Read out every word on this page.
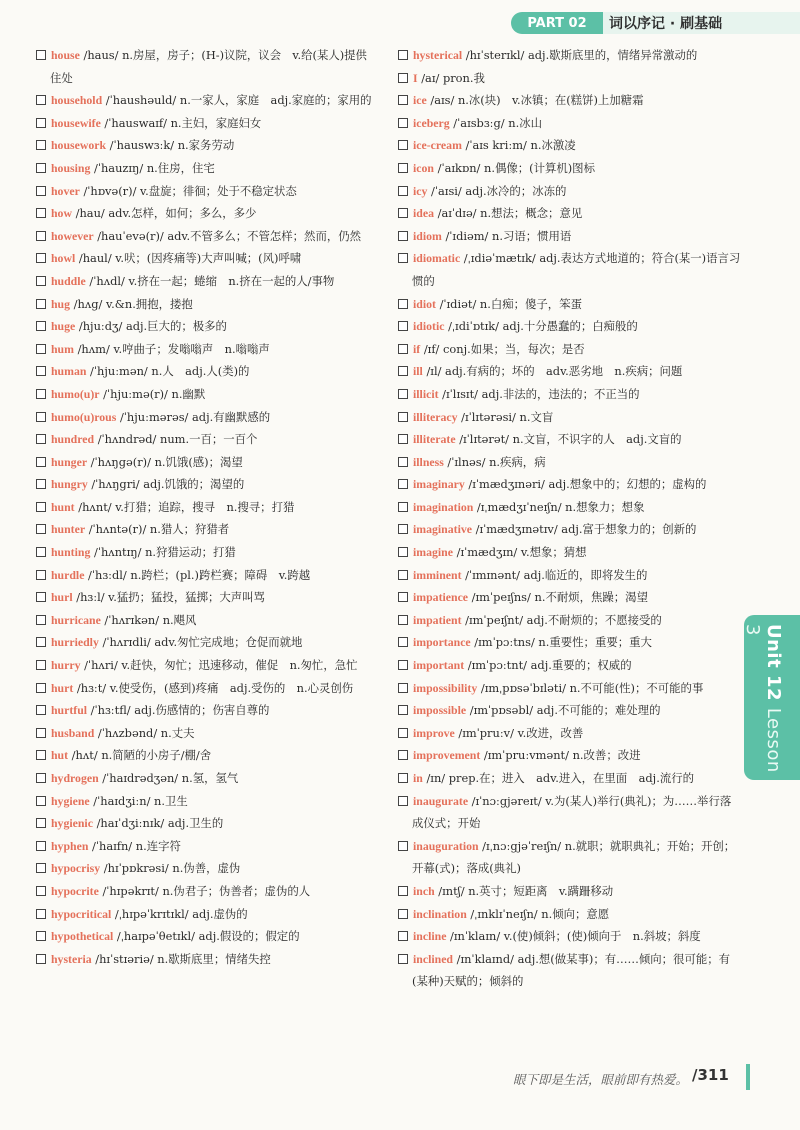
PART 02	词以序记 · 刷基础

house /haus/ n.房屋，房子；(H-)议院，议会　v.给(某人)提供住处

household /ˈhaushəuld/ n.一家人，家庭　adj.家庭的；家用的

housewife /ˈhauswaɪf/ n.主妇，家庭妇女

housework /ˈhauswɜːk/ n.家务劳动

housing /ˈhauzɪŋ/ n.住房，住宅

hover /ˈhɒvə(r)/ v.盘旋；徘徊；处于不稳定状态

how /hau/ adv.怎样，如何；多么，多少

however /hauˈevə(r)/ adv.不管多么；不管怎样；然而，仍然

howl /haul/ v.吠；(因疼痛等)大声叫喊；(风)呼啸

huddle /ˈhʌdl/ v.挤在一起；蜷缩　n.挤在一起的人/事物

hug /hʌg/ v.&n.拥抱，搂抱

huge /hjuːdʒ/ adj.巨大的；极多的

hum /hʌm/ v.哼曲子；发嗡嗡声　n.嗡嗡声

human /ˈhjuːmən/ n.人　adj.人(类)的

humo(u)r /ˈhjuːmə(r)/ n.幽默

humo(u)rous /ˈhjuːmərəs/ adj.有幽默感的

hundred /ˈhʌndrəd/ num.一百；一百个

hunger /ˈhʌŋgə(r)/ n.饥饿(感)；渴望

hungry /ˈhʌŋgri/ adj.饥饿的；渴望的

hunt /hʌnt/ v.打猎；追踪，搜寻　n.搜寻；打猎

hunter /ˈhʌntə(r)/ n.猎人；狩猎者

hunting /ˈhʌntɪŋ/ n.狩猎运动；打猎

hurdle /ˈhɜːdl/ n.跨栏；(pl.)跨栏赛；障碍　v.跨越

hurl /hɜːl/ v.猛扔；猛投，猛掷；大声叫骂

hurricane /ˈhʌrɪkən/ n.飓风

hurriedly /ˈhʌrɪdli/ adv.匆忙完成地；仓促而就地

hurry /ˈhʌri/ v.赶快，匆忙；迅速移动，催促　n.匆忙，急忙

hurt /hɜːt/ v.使受伤，(感到)疼痛　adj.受伤的　n.心灵创伤

hurtful /ˈhɜːtfl/ adj.伤感情的；伤害自尊的

husband /ˈhʌzbənd/ n.丈夫

hut /hʌt/ n.简陋的小房子/棚/舍

hydrogen /ˈhaɪdrədʒən/ n.氢，氢气

hygiene /ˈhaɪdʒiːn/ n.卫生

hygienic /haɪˈdʒiːnɪk/ adj.卫生的

hyphen /ˈhaɪfn/ n.连字符

hypocrisy /hɪˈpɒkrəsi/ n.伪善，虚伪

hypocrite /ˈhɪpəkrɪt/ n.伪君子；伪善者；虚伪的人

hypocritical /ˌhɪpəˈkrɪtɪkl/ adj.虚伪的

hypothetical /ˌhaɪpəˈθetɪkl/ adj.假设的；假定的

hysteria /hɪˈstɪəriə/ n.歇斯底里；情绪失控

hysterical /hɪˈsterɪkl/ adj.歇斯底里的，情绪异常激动的

I /aɪ/ pron.我

ice /aɪs/ n.冰(块)　v.冰镇；在(糕饼)上加糖霜

iceberg /ˈaɪsbɜːg/ n.冰山

ice-cream /ˈaɪs kriːm/ n.冰激凌

icon /ˈaɪkɒn/ n.偶像；(计算机)图标

icy /ˈaɪsi/ adj.冰冷的；冰冻的

idea /aɪˈdɪə/ n.想法；概念；意见

idiom /ˈɪdiəm/ n.习语；惯用语

idiomatic /ˌɪdiəˈmætɪk/ adj.表达方式地道的；符合(某一)语言习惯的

idiot /ˈɪdiət/ n.白痴；傻子，笨蛋

idiotic /ˌɪdiˈɒtɪk/ adj.十分愚蠢的；白痴般的

if /ɪf/ conj.如果；当，每次；是否

ill /ɪl/ adj.有病的；坏的　adv.恶劣地　n.疾病；问题

illicit /ɪˈlɪsɪt/ adj.非法的，违法的；不正当的

illiteracy /ɪˈlɪtərəsi/ n.文盲

illiterate /ɪˈlɪtərət/ n.文盲，不识字的人　adj.文盲的

illness /ˈɪlnəs/ n.疾病，病

imaginary /ɪˈmædʒɪnəri/ adj.想象中的；幻想的；虚构的

imagination /ɪˌmædʒɪˈneɪʃn/ n.想象力；想象

imaginative /ɪˈmædʒɪnətɪv/ adj.富于想象力的；创新的

imagine /ɪˈmædʒɪn/ v.想象；猜想

imminent /ˈɪmɪnənt/ adj.临近的，即将发生的

impatience /ɪmˈpeɪʃns/ n.不耐烦，焦躁；渴望

impatient /ɪmˈpeɪʃnt/ adj.不耐烦的；不愿接受的

importance /ɪmˈpɔːtns/ n.重要性；重要；重大

important /ɪmˈpɔːtnt/ adj.重要的；权威的

impossibility /ɪmˌpɒsəˈbɪləti/ n.不可能(性)；不可能的事

impossible /ɪmˈpɒsəbl/ adj.不可能的；难处理的

improve /ɪmˈpruːv/ v.改进，改善

improvement /ɪmˈpruːvmənt/ n.改善；改进

in /ɪn/ prep.在；进入　adv.进入，在里面　adj.流行的

inaugurate /ɪˈnɔːgjəreɪt/ v.为(某人)举行(典礼)；为……举行落成仪式；开始

inauguration /ɪˌnɔːgjəˈreɪʃn/ n.就职；就职典礼；开始；开创；开幕(式)；落成(典礼)

inch /ɪntʃ/ n.英寸；短距离　v.蹒跚移动

inclination /ˌɪnklɪˈneɪʃn/ n.倾向；意愿

incline /ɪnˈklaɪn/ v.(使)倾斜；(使)倾向于　n.斜坡；斜度

inclined /ɪnˈklaɪnd/ adj.想(做某事)；有……倾向；很可能；有(某种)天赋的；倾斜的

Unit 12 Lesson 3
眼下即是生活，眼前即有热爱。 /311
